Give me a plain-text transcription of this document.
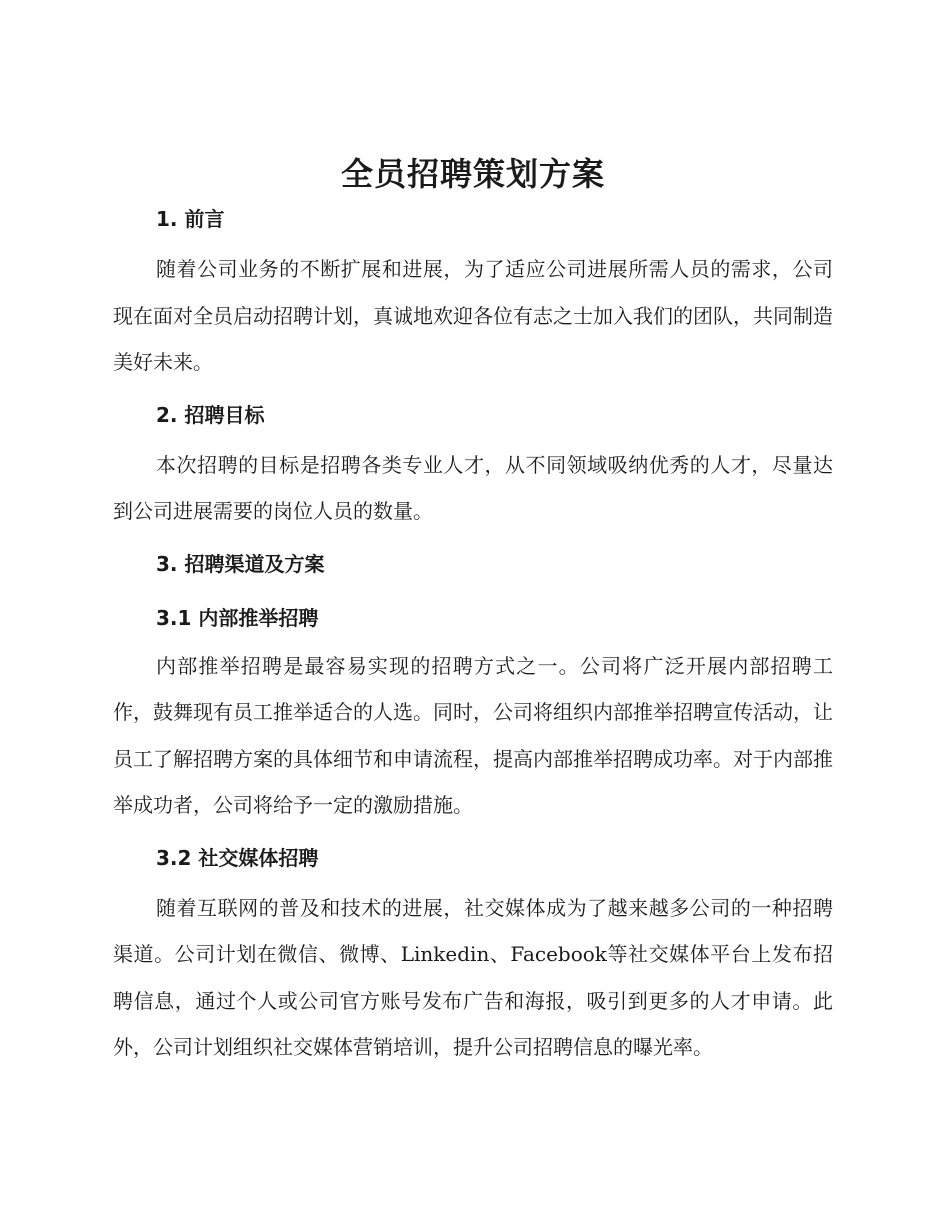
全员招聘策划方案
1. 前言

随着公司业务的不断扩展和进展，为了适应公司进展所需人员的需求，公司现在面对全员启动招聘计划，真诚地欢迎各位有志之士加入我们的团队，共同制造美好未来。

2. 招聘目标

本次招聘的目标是招聘各类专业人才，从不同领域吸纳优秀的人才，尽量达到公司进展需要的岗位人员的数量。

3. 招聘渠道及方案
3.1 内部推举招聘

内部推举招聘是最容易实现的招聘方式之一。公司将广泛开展内部招聘工作，鼓舞现有员工推举适合的人选。同时，公司将组织内部推举招聘宣传活动，让员工了解招聘方案的具体细节和申请流程，提高内部推举招聘成功率。对于内部推举成功者，公司将给予一定的激励措施。

3.2 社交媒体招聘

随着互联网的普及和技术的进展，社交媒体成为了越来越多公司的一种招聘渠道。公司计划在微信、微博、Linkedin、Facebook等社交媒体平台上发布招聘信息，通过个人或公司官方账号发布广告和海报，吸引到更多的人才申请。此外，公司计划组织社交媒体营销培训，提升公司招聘信息的曝光率。
